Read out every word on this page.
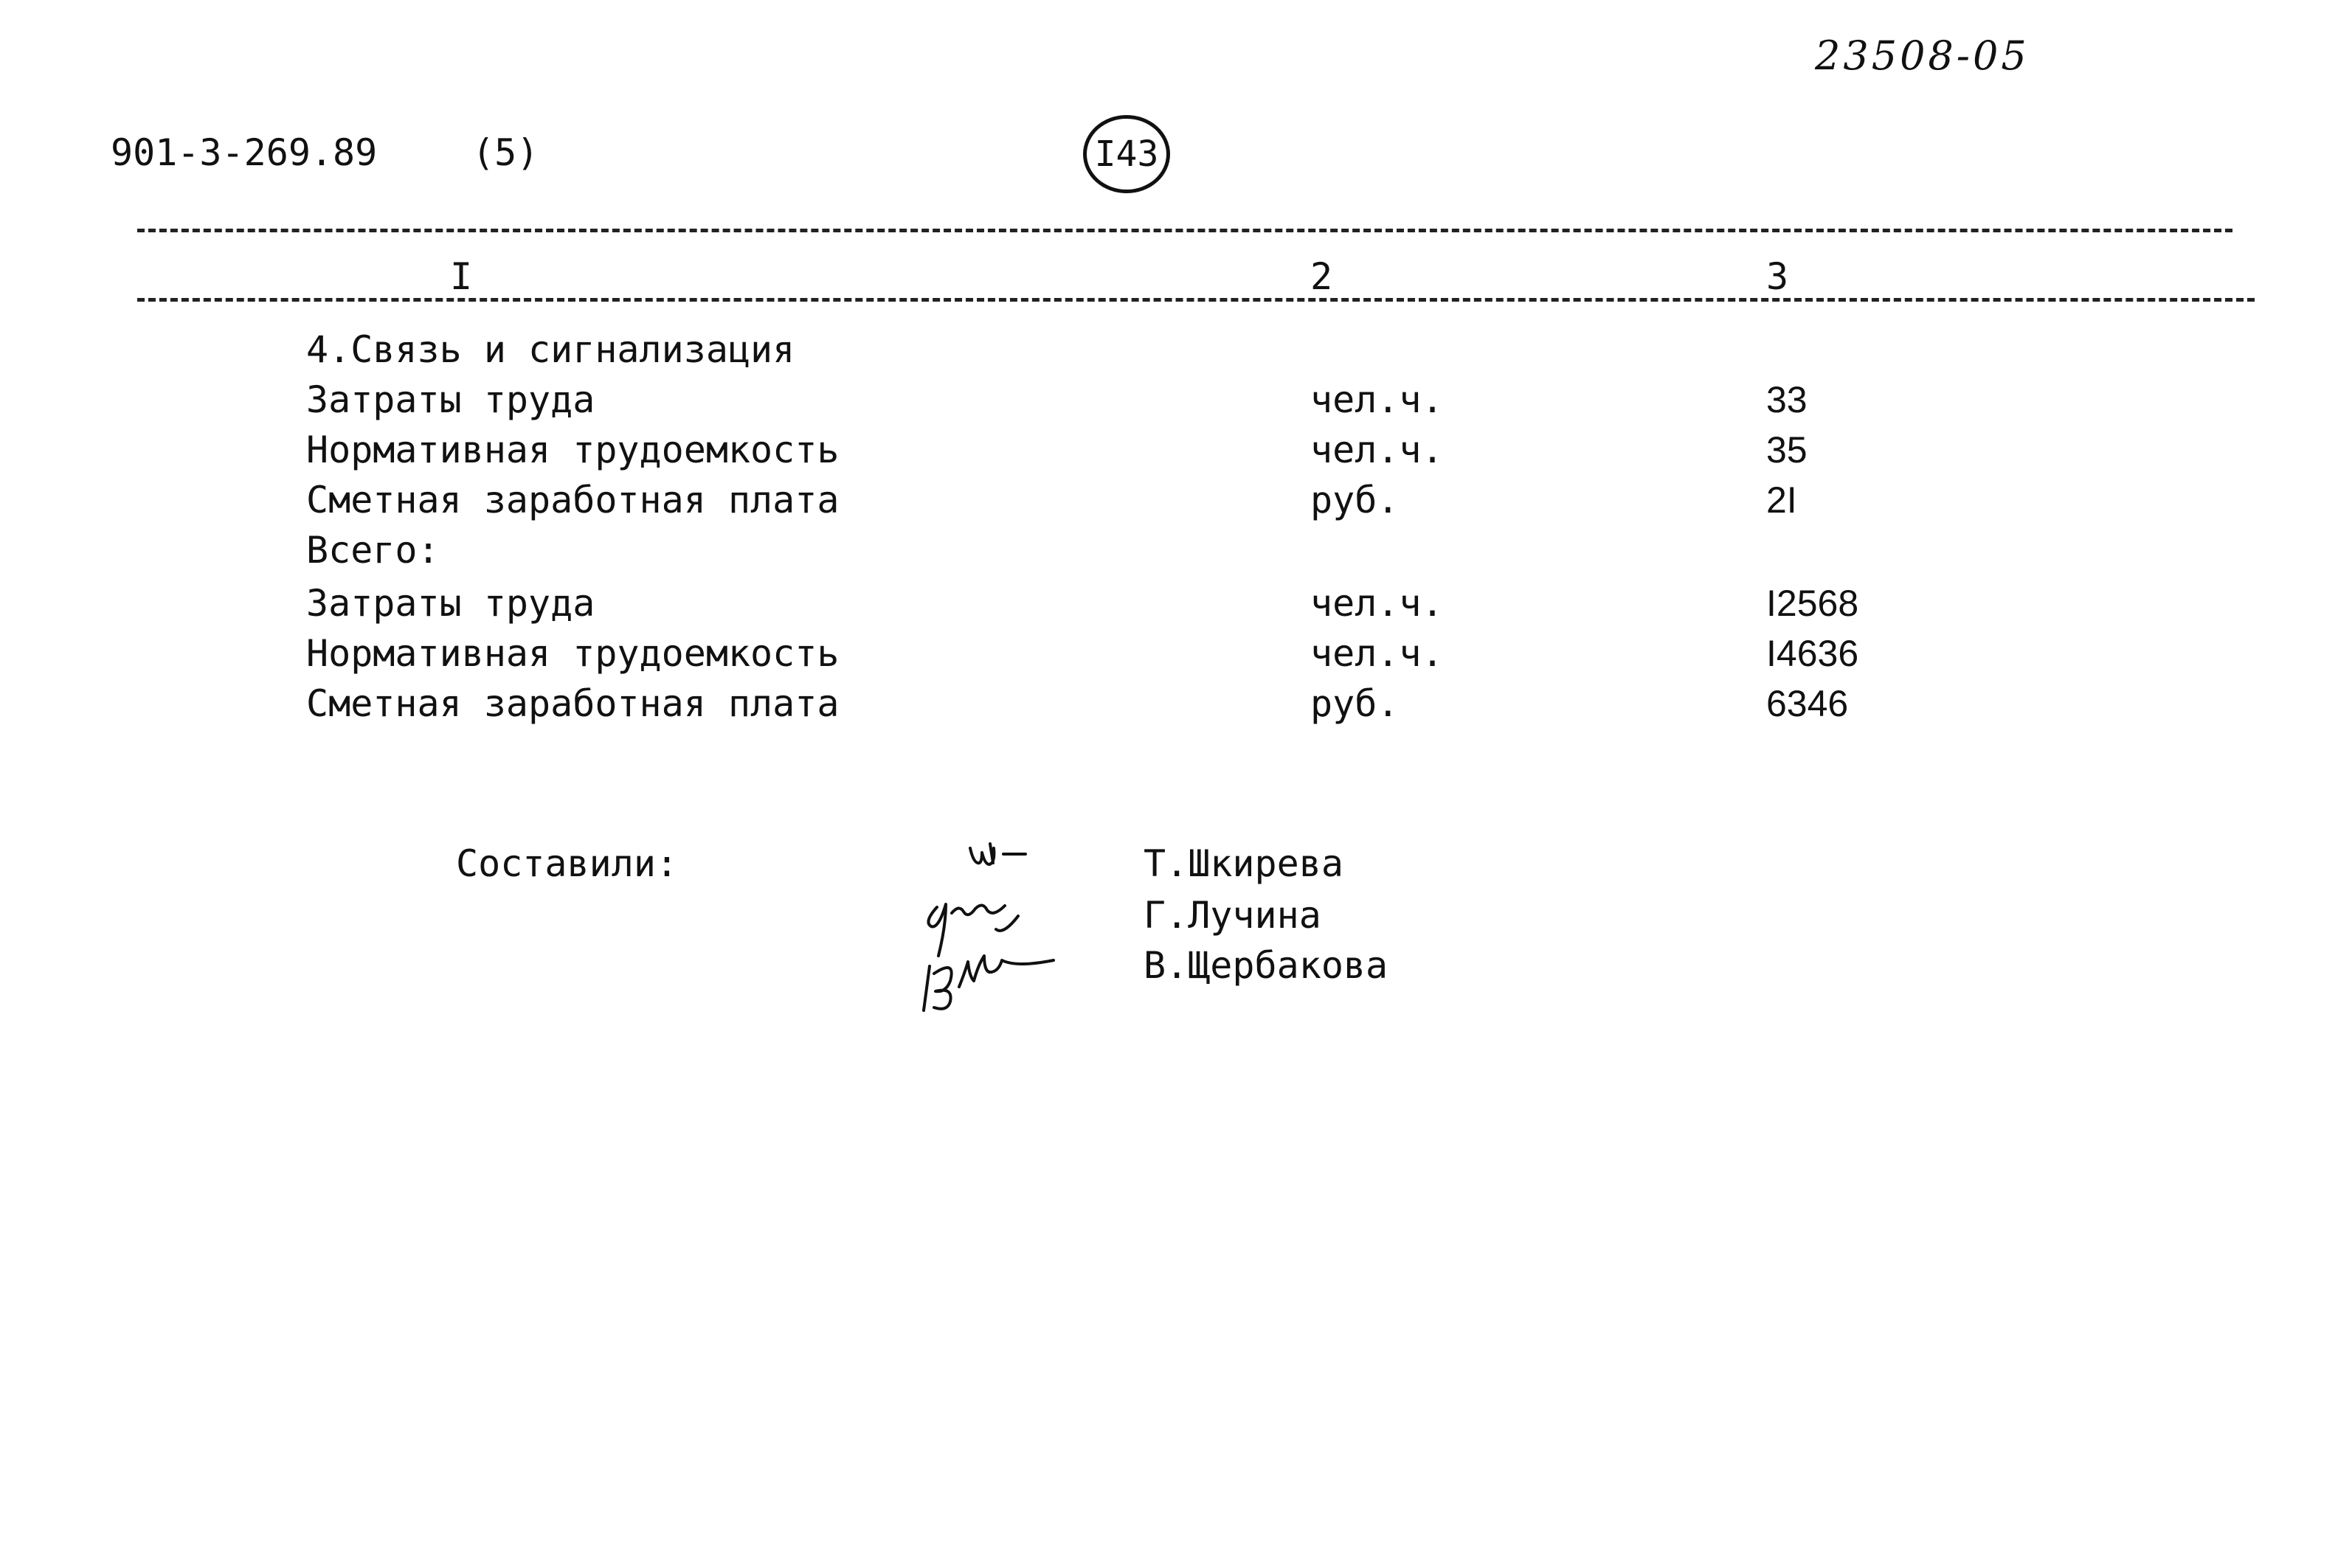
23508-05
901-3-269.89	(5)	I43
I	2	3
4.Связь и сигнализация
Затраты труда	чел.ч.	33
Нормативная трудоемкость	чел.ч.	35
Сметная заработная плата	руб.	2I
Всего:
Затраты труда	чел.ч.	I2568
Нормативная трудоемкость	чел.ч.	I4636
Сметная заработная плата	руб.	6346
Составили:	Т.Шкирева
Г.Лучина
В.Щербакова
